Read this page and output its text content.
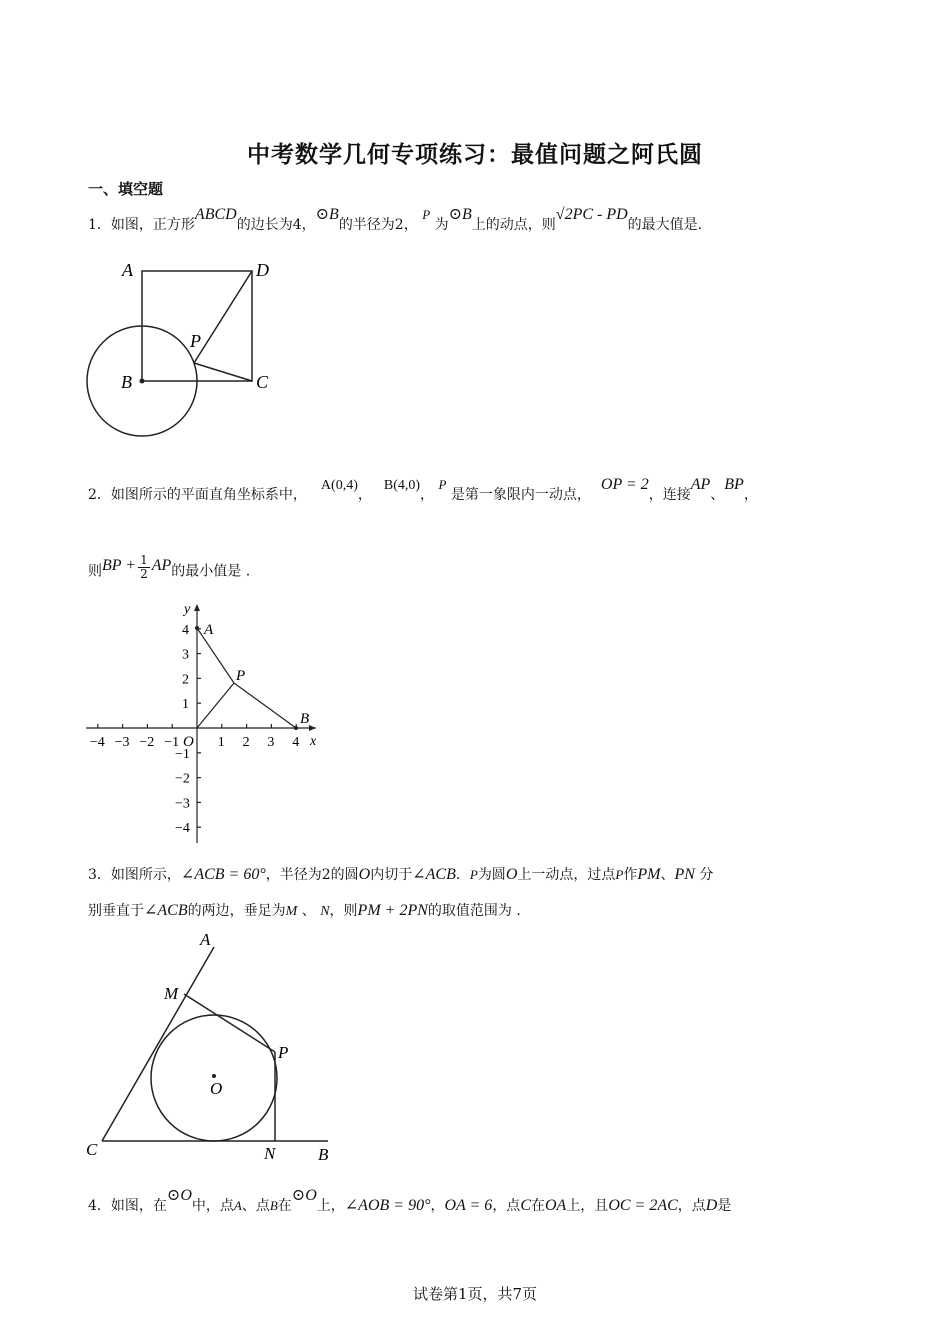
中考数学几何专项练习：最值问题之阿氏圆
一、填空题
1．如图，正方形ABCD的边长为4，⊙B的半径为2， P 为⊙B上的动点，则√2PC - PD的最大值是.
A	D
B	C
P
2．如图所示的平面直角坐标系中，A(0,4)，B(4,0)， P 是第一象限内一动点，OP = 2，连接AP、BP，
则BP + $\frac{1}{2}$ AP的最小值是 .
−4 −3 −2 −1	1 2 3 4
4
3
2
1
−1
−2
−3
−4
y
x
O
A
B
P
3．如图所示，∠ACB = 60°，半径为2的圆O内切于∠ACB．P为圆O上一动点，过点P作PM、PN 分
别垂直于∠ACB的两边，垂足为M 、 N，则PM + 2PN的取值范围为 .
A
M
P
O
C	N	B
4．如图，在⊙O中，点A、点B在⊙O上，∠AOB = 90°，OA = 6，点C在OA上，且OC = 2AC，点D是
试卷第1页，共7页
